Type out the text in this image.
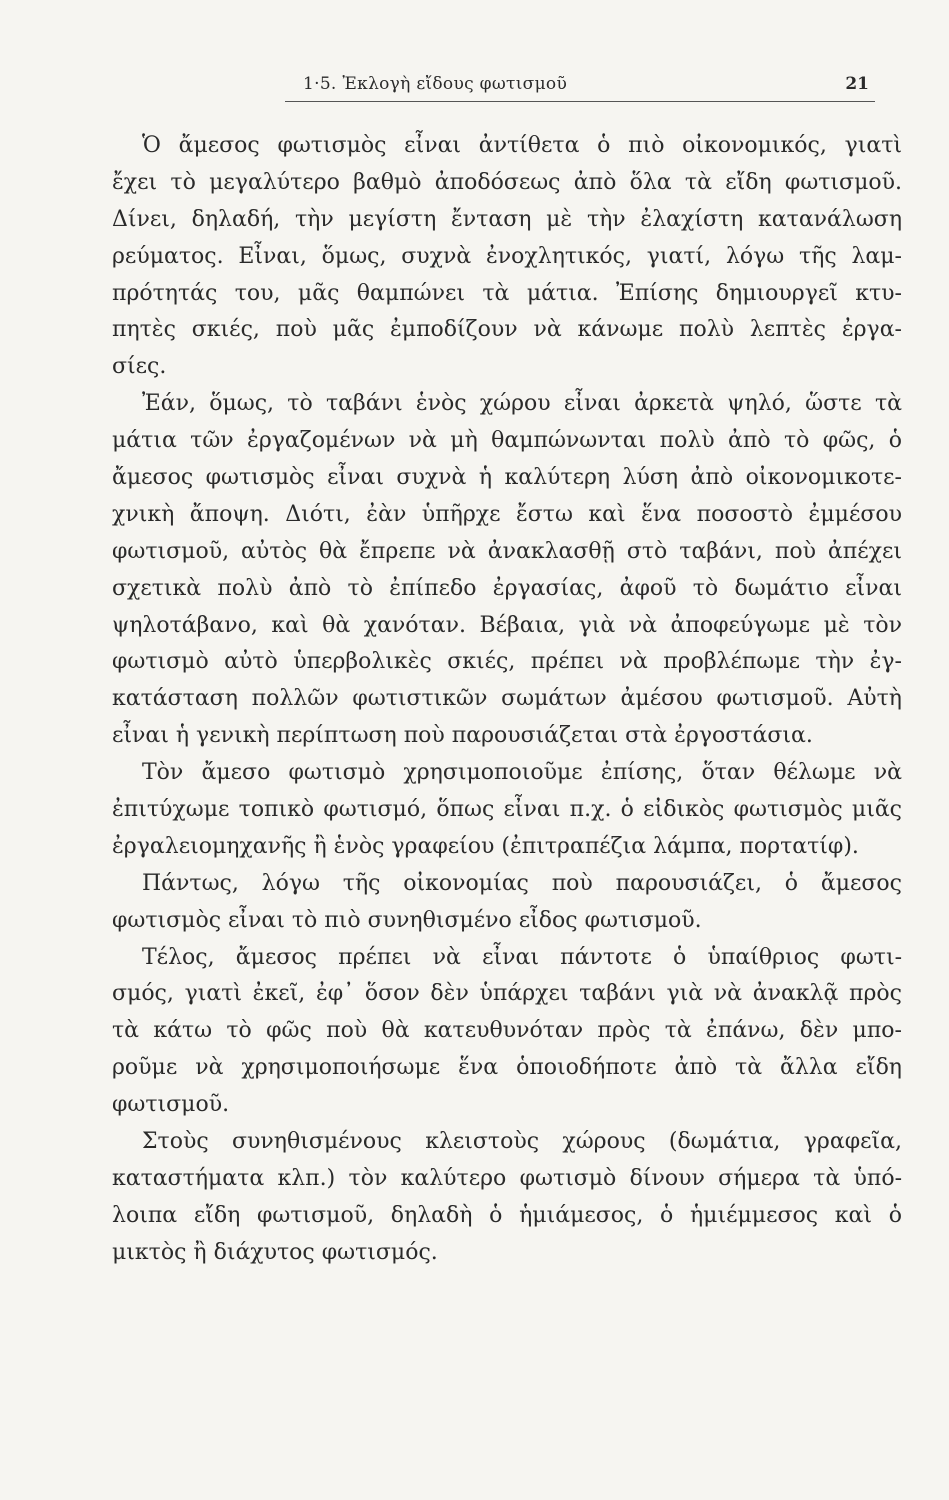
1·5. Ἐκλογὴ εἴδους φωτισμοῦ	21
Ὁ ἄμεσος φωτισμὸς εἶναι ἀντίθετα ὁ πιὸ οἰκονομικός, γιατὶ
ἔχει τὸ μεγαλύτερο βαθμὸ ἀποδόσεως ἀπὸ ὅλα τὰ εἴδη φωτισμοῦ.
Δίνει, δηλαδή, τὴν μεγίστη ἔνταση μὲ τὴν ἐλαχίστη κατανάλωση
ρεύματος. Εἶναι, ὅμως, συχνὰ ἐνοχλητικός, γιατί, λόγω τῆς λαμ-
πρότητάς του, μᾶς θαμπώνει τὰ μάτια. Ἐπίσης δημιουργεῖ κτυ-
πητὲς σκιές, ποὺ μᾶς ἐμποδίζουν νὰ κάνωμε πολὺ λεπτὲς ἐργα-
σίες.
Ἐάν, ὅμως, τὸ ταβάνι ἑνὸς χώρου εἶναι ἀρκετὰ ψηλό, ὥστε τὰ
μάτια τῶν ἐργαζομένων νὰ μὴ θαμπώνωνται πολὺ ἀπὸ τὸ φῶς, ὁ
ἄμεσος φωτισμὸς εἶναι συχνὰ ἡ καλύτερη λύση ἀπὸ οἰκονομικοτε-
χνικὴ ἄποψη. Διότι, ἐὰν ὑπῆρχε ἔστω καὶ ἕνα ποσοστὸ ἐμμέσου
φωτισμοῦ, αὐτὸς θὰ ἔπρεπε νὰ ἀνακλασθῇ στὸ ταβάνι, ποὺ ἀπέχει
σχετικὰ πολὺ ἀπὸ τὸ ἐπίπεδο ἐργασίας, ἀφοῦ τὸ δωμάτιο εἶναι
ψηλοτάβανο, καὶ θὰ χανόταν. Βέβαια, γιὰ νὰ ἀποφεύγωμε μὲ τὸν
φωτισμὸ αὐτὸ ὑπερβολικὲς σκιές, πρέπει νὰ προβλέπωμε τὴν ἐγ-
κατάσταση πολλῶν φωτιστικῶν σωμάτων ἀμέσου φωτισμοῦ. Αὐτὴ
εἶναι ἡ γενικὴ περίπτωση ποὺ παρουσιάζεται στὰ ἐργοστάσια.
Τὸν ἄμεσο φωτισμὸ χρησιμοποιοῦμε ἐπίσης, ὅταν θέλωμε νὰ
ἐπιτύχωμε τοπικὸ φωτισμό, ὅπως εἶναι π.χ. ὁ εἰδικὸς φωτισμὸς μιᾶς
ἐργαλειομηχανῆς ἢ ἑνὸς γραφείου (ἐπιτραπέζια λάμπα, πορτατίφ).
Πάντως, λόγω τῆς οἰκονομίας ποὺ παρουσιάζει, ὁ ἄμεσος
φωτισμὸς εἶναι τὸ πιὸ συνηθισμένο εἶδος φωτισμοῦ.
Τέλος, ἄμεσος πρέπει νὰ εἶναι πάντοτε ὁ ὑπαίθριος φωτι-
σμός, γιατὶ ἐκεῖ, ἐφ᾽ ὅσον δὲν ὑπάρχει ταβάνι γιὰ νὰ ἀνακλᾷ πρὸς
τὰ κάτω τὸ φῶς ποὺ θὰ κατευθυνόταν πρὸς τὰ ἐπάνω, δὲν μπο-
ροῦμε νὰ χρησιμοποιήσωμε ἕνα ὁποιοδήποτε ἀπὸ τὰ ἄλλα εἴδη
φωτισμοῦ.
Στοὺς συνηθισμένους κλειστοὺς χώρους (δωμάτια, γραφεῖα,
καταστήματα κλπ.) τὸν καλύτερο φωτισμὸ δίνουν σήμερα τὰ ὑπό-
λοιπα εἴδη φωτισμοῦ, δηλαδὴ ὁ ἡμιάμεσος, ὁ ἡμιέμμεσος καὶ ὁ
μικτὸς ἢ διάχυτος φωτισμός.
